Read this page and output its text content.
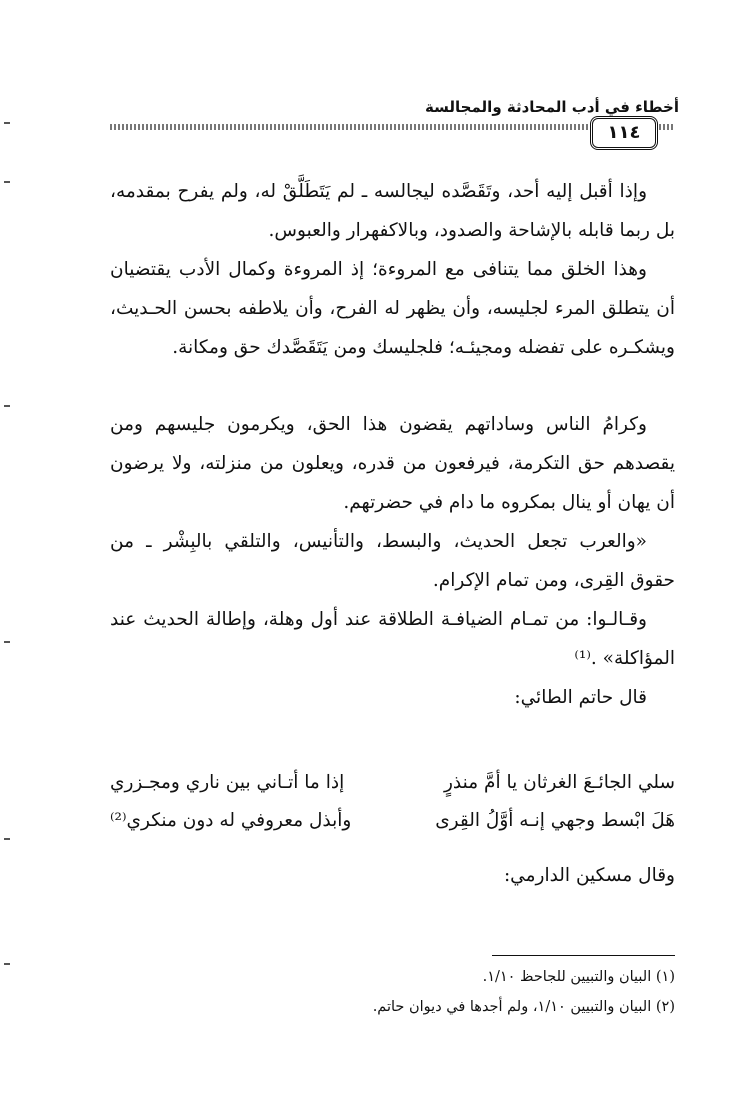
أخطاء في أدب المحادثة والمجالسة
١١٤

وإذا أقبل إليه أحد، وتَقَصَّده ليجالسه ـ لم يَتَطَلَّقْ له، ولم يفرح بمقدمه، بل ربما قابله بالإشاحة والصدود، وبالاكفهرار والعبوس.

وهذا الخلق مما يتنافى مع المروءة؛ إذ المروءة وكمال الأدب يقتضيان أن يتطلق المرء لجليسه، وأن يظهر له الفرح، وأن يلاطفه بحسن الحـديث، ويشكـره على تفضله ومجيئـه؛ فلجليسك ومن يَتَقَصَّدك حق ومكانة.

وكرامُ الناس وساداتهم يقضون هذا الحق، ويكرمون جليسهم ومن يقصدهم حق التكرمة، فيرفعون من قدره، ويعلون من منزلته، ولا يرضون أن يهان أو ينال بمكروه ما دام في حضرتهم.

«والعرب تجعل الحديث، والبسط، والتأنيس، والتلقي بالبِشْر ـ من حقوق القِرى، ومن تمام الإكرام.

وقـالـوا: من تمـام الضيافـة الطلاقة عند أول وهلة، وإطالة الحديث عند المؤاكلة» .⁽¹⁾

قال حاتم الطائي:

سلي الجائـعَ الغرثان يا أمَّ منذرٍ
إذا ما أتـاني بين ناري ومجـزري
هَلَ ابْسط وجهي إنـه أوَّلُ القِرى
وأبذل معروفي له دون منكري⁽²⁾
وقال مسكين الدارمي:

(١) البيان والتبيين للجاحظ ١/١٠.

(٢) البيان والتبيين ١/١٠، ولم أجدها في ديوان حاتم.
